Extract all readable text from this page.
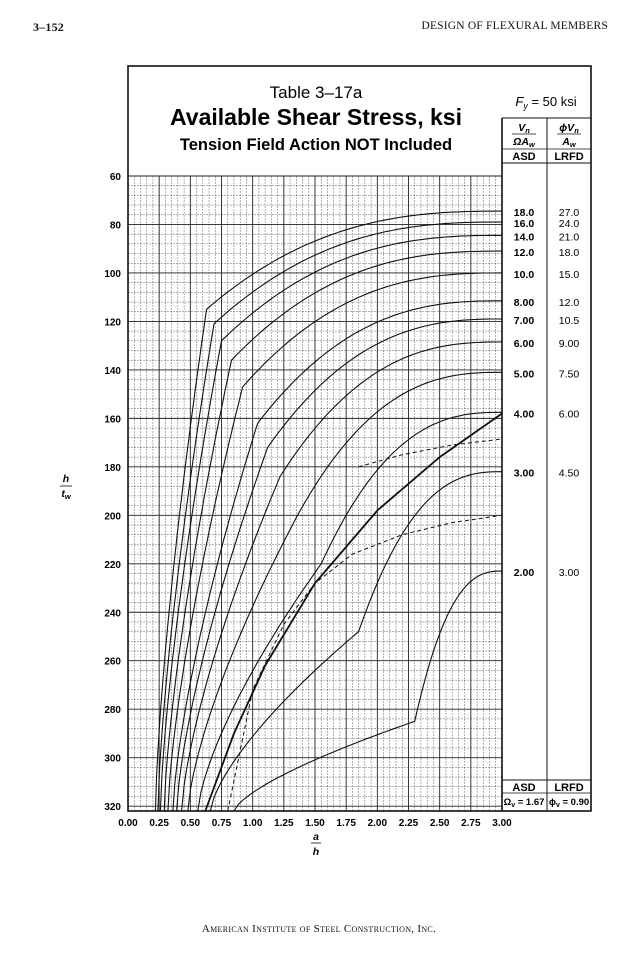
3–152	DESIGN OF FLEXURAL MEMBERS
Table 3–17a
Available Shear Stress, ksi
Tension Field Action NOT Included
$F_y = 50$ ksi
Vn
ΩAw
ϕVn
Aw
ASD LRFD
ASD LRFD
$\Omega_v = 1.67$ $\phi_v = 0.90$
0.00 0.25 0.50 0.75 1.00 1.25 1.50 1.75 2.00 2.25 2.50 2.75 3.00
60
80
100
120
140
160
180
200
220
240
260
280
300
320
a
h
h
tw
18.0 27.0
16.0 24.0
14.0 21.0
12.0 18.0
10.0 15.0
8.00 12.0
7.00 10.5
6.00 9.00
5.00 7.50
4.00 6.00
3.00 4.50
2.00 3.00
American Institute of Steel Construction, Inc.
